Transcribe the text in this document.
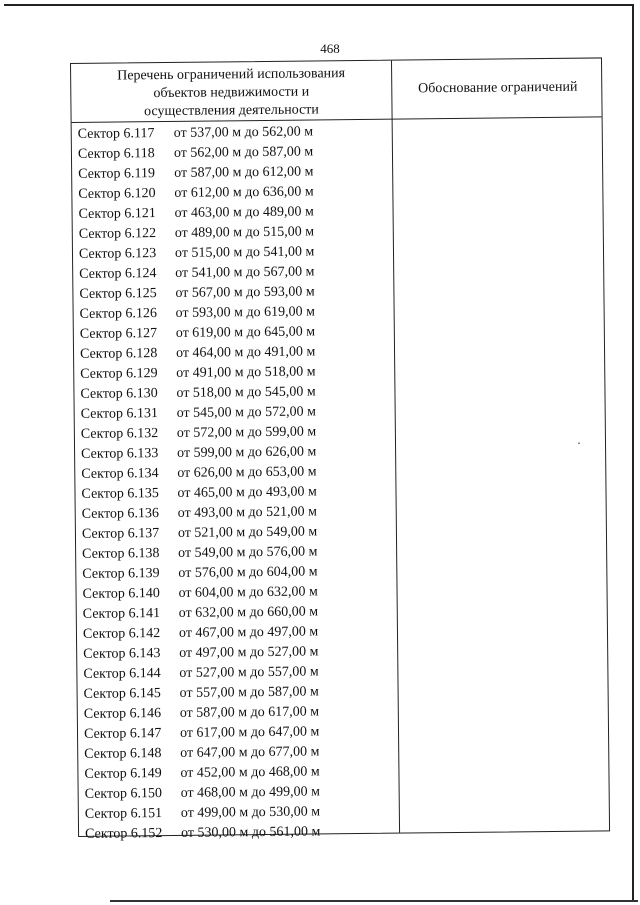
468
Перечень ограничений использования
объектов недвижимости и
осуществления деятельности
Обоснование ограничений
Сектор 6.117 от 537,00 м до 562,00 м
Сектор 6.118 от 562,00 м до 587,00 м
Сектор 6.119 от 587,00 м до 612,00 м
Сектор 6.120 от 612,00 м до 636,00 м
Сектор 6.121 от 463,00 м до 489,00 м
Сектор 6.122 от 489,00 м до 515,00 м
Сектор 6.123 от 515,00 м до 541,00 м
Сектор 6.124 от 541,00 м до 567,00 м
Сектор 6.125 от 567,00 м до 593,00 м
Сектор 6.126 от 593,00 м до 619,00 м
Сектор 6.127 от 619,00 м до 645,00 м
Сектор 6.128 от 464,00 м до 491,00 м
Сектор 6.129 от 491,00 м до 518,00 м
Сектор 6.130 от 518,00 м до 545,00 м
Сектор 6.131 от 545,00 м до 572,00 м
Сектор 6.132 от 572,00 м до 599,00 м
Сектор 6.133 от 599,00 м до 626,00 м
Сектор 6.134 от 626,00 м до 653,00 м
Сектор 6.135 от 465,00 м до 493,00 м
Сектор 6.136 от 493,00 м до 521,00 м
Сектор 6.137 от 521,00 м до 549,00 м
Сектор 6.138 от 549,00 м до 576,00 м
Сектор 6.139 от 576,00 м до 604,00 м
Сектор 6.140 от 604,00 м до 632,00 м
Сектор 6.141 от 632,00 м до 660,00 м
Сектор 6.142 от 467,00 м до 497,00 м
Сектор 6.143 от 497,00 м до 527,00 м
Сектор 6.144 от 527,00 м до 557,00 м
Сектор 6.145 от 557,00 м до 587,00 м
Сектор 6.146 от 587,00 м до 617,00 м
Сектор 6.147 от 617,00 м до 647,00 м
Сектор 6.148 от 647,00 м до 677,00 м
Сектор 6.149 от 452,00 м до 468,00 м
Сектор 6.150 от 468,00 м до 499,00 м
Сектор 6.151 от 499,00 м до 530,00 м
Сектор 6.152 от 530,00 м до 561,00 м
